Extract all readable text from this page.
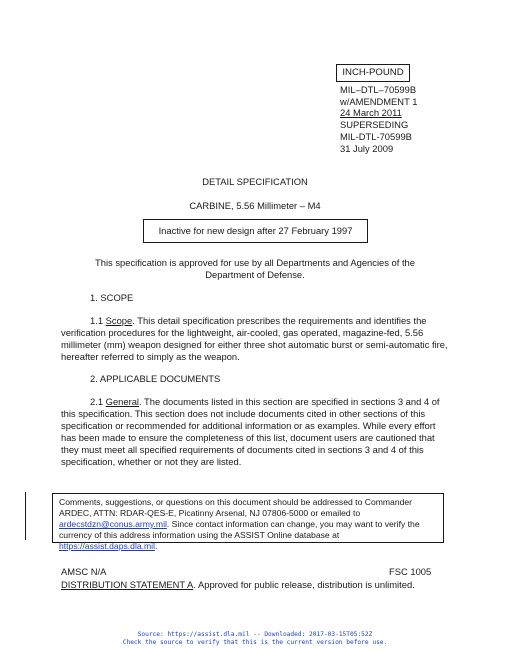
INCH-POUND
MIL–DTL–70599B
w/AMENDMENT 1
24 March 2011
SUPERSEDING
MIL-DTL-70599B
31 July 2009
DETAIL SPECIFICATION
CARBINE, 5.56 Millimeter – M4
Inactive for new design after 27 February 1997
This specification is approved for use by all Departments and Agencies of the
Department of Defense.
1. SCOPE

1.1 Scope. This detail specification prescribes the requirements and identifies the verification procedures for the lightweight, air-cooled, gas operated, magazine-fed, 5.56 millimeter (mm) weapon designed for either three shot automatic burst or semi-automatic fire, hereafter referred to simply as the weapon.

2. APPLICABLE DOCUMENTS

2.1 General. The documents listed in this section are specified in sections 3 and 4 of this specification. This section does not include documents cited in other sections of this specification or recommended for additional information or as examples. While every effort has been made to ensure the completeness of this list, document users are cautioned that they must meet all specified requirements of documents cited in sections 3 and 4 of this specification, whether or not they are listed.

Comments, suggestions, or questions on this document should be addressed to Commander ARDEC, ATTN: RDAR-QES-E, Picatinny Arsenal, NJ 07806-5000 or emailed to ardecstdzn@conus.army.mil. Since contact information can change, you may want to verify the currency of this address information using the ASSIST Online database at https://assist.daps.dla.mil.
AMSC N/A	FSC 1005
DISTRIBUTION STATEMENT A. Approved for public release, distribution is unlimited.
Source: https://assist.dla.mil -- Downloaded: 2017-03-15T05:52Z
Check the source to verify that this is the current version before use.
